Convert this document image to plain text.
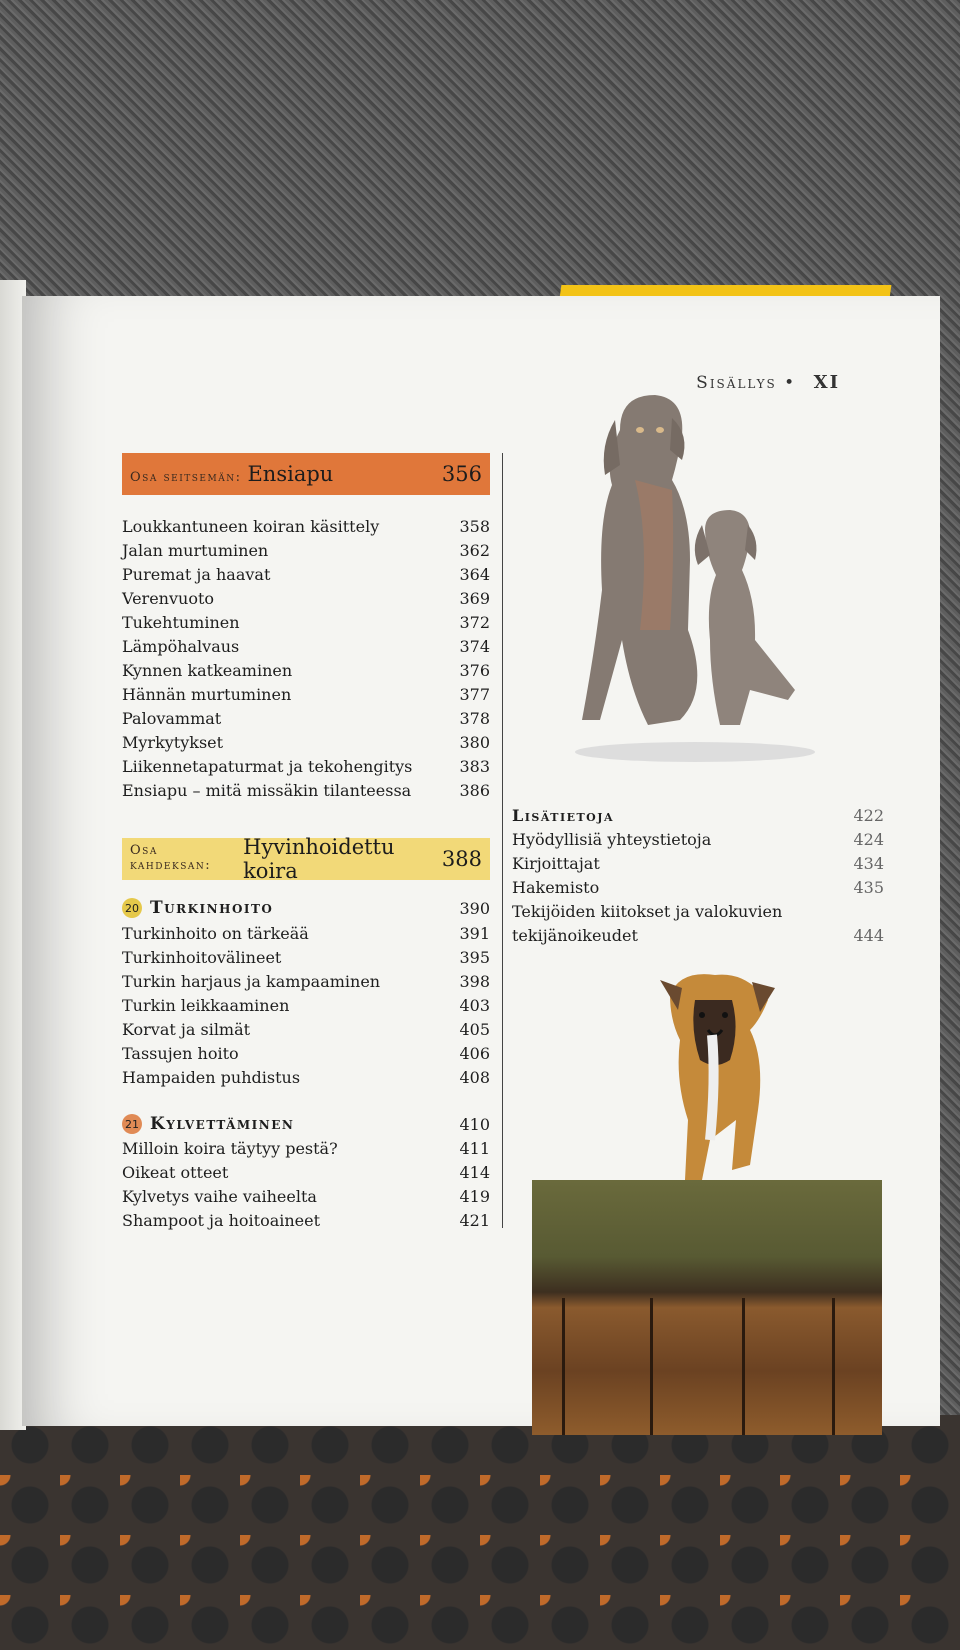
Sisällys • XI
Osa seitsemän: Ensiapu	356
Loukkantuneen koiran käsittely	358
Jalan murtuminen	362
Puremat ja haavat	364
Verenvuoto	369
Tukehtuminen	372
Lämpöhalvaus	374
Kynnen katkeaminen	376
Hännän murtuminen	377
Palovammat	378
Myrkytykset	380
Liikennetapaturmat ja tekohengitys	383
Ensiapu – mitä missäkin tilanteessa	386
Osa kahdeksan:
Hyvinhoidettu koira	388
20 Turkinhoito	390
Turkinhoito on tärkeää	391
Turkinhoitovälineet	395
Turkin harjaus ja kampaaminen	398
Turkin leikkaaminen	403
Korvat ja silmät	405
Tassujen hoito	406
Hampaiden puhdistus	408
21 Kylvettäminen	410
Milloin koira täytyy pestä?	411
Oikeat otteet	414
Kylvetys vaihe vaiheelta	419
Shampoot ja hoitoaineet	421
Lisätietoja	422
Hyödyllisiä yhteystietoja	424
Kirjoittajat	434
Hakemisto	435
Tekijöiden kiitokset ja valokuvien
tekijänoikeudet	444
